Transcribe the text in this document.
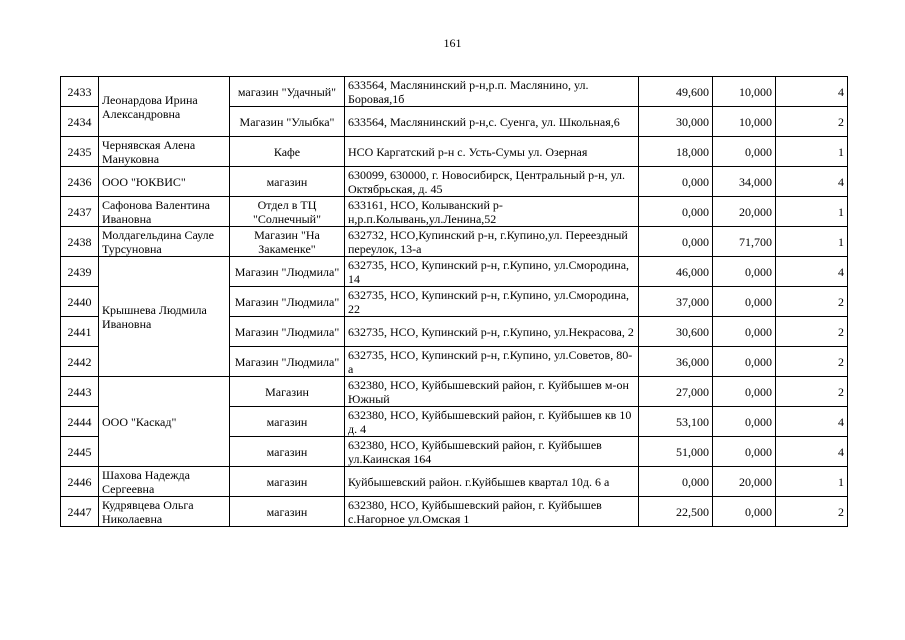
161
2433	Леонардова Ирина Александровна	магазин "Удачный"	633564, Маслянинский р-н,р.п. Маслянино, ул. Боровая,1б	49,600	10,000	4
2434		Магазин "Улыбка"	633564, Маслянинский р-н,с. Суенга, ул. Школьная,6	30,000	10,000	2
2435	Чернявская Алена Мануковна	Кафе	НСО Каргатский р-н с. Усть-Сумы ул. Озерная	18,000	0,000	1
2436	ООО "ЮКВИС"	магазин	630099, 630000, г. Новосибирск, Центральный р-н, ул. Октябрьская, д. 45	0,000	34,000	4
2437	Сафонова Валентина Ивановна	Отдел в ТЦ "Солнечный"	633161, НСО, Колыванский р-н,р.п.Колывань,ул.Ленина,52	0,000	20,000	1
2438	Молдагельдина Сауле Турсуновна	Магазин "На Закаменке"	632732, НСО,Купинский р-н, г.Купино,ул. Переездный переулок, 13-а	0,000	71,700	1
2439	Крышнева Людмила Ивановна	Магазин "Людмила"	632735, НСО, Купинский р-н, г.Купино, ул.Смородина, 14	46,000	0,000	4
2440		Магазин "Людмила"	632735, НСО, Купинский р-н, г.Купино, ул.Смородина, 22	37,000	0,000	2
2441		Магазин "Людмила"	632735, НСО, Купинский р-н, г.Купино, ул.Некрасова, 2	30,600	0,000	2
2442		Магазин "Людмила"	632735, НСО, Купинский р-н, г.Купино, ул.Советов, 80-а	36,000	0,000	2
2443	ООО "Каскад"	Магазин	632380, НСО, Куйбышевский район, г. Куйбышев м-он Южный	27,000	0,000	2
2444		магазин	632380, НСО, Куйбышевский район, г. Куйбышев кв 10 д. 4	53,100	0,000	4
2445		магазин	632380, НСО, Куйбышевский район, г. Куйбышев ул.Каинская 164	51,000	0,000	4
2446	Шахова Надежда Сергеевна	магазин	Куйбышевский район. г.Куйбышев квартал 10д. 6 а	0,000	20,000	1
2447	Кудрявцева Ольга Николаевна	магазин	632380, НСО, Куйбышевский район, г. Куйбышев с.Нагорное ул.Омская 1	22,500	0,000	2
